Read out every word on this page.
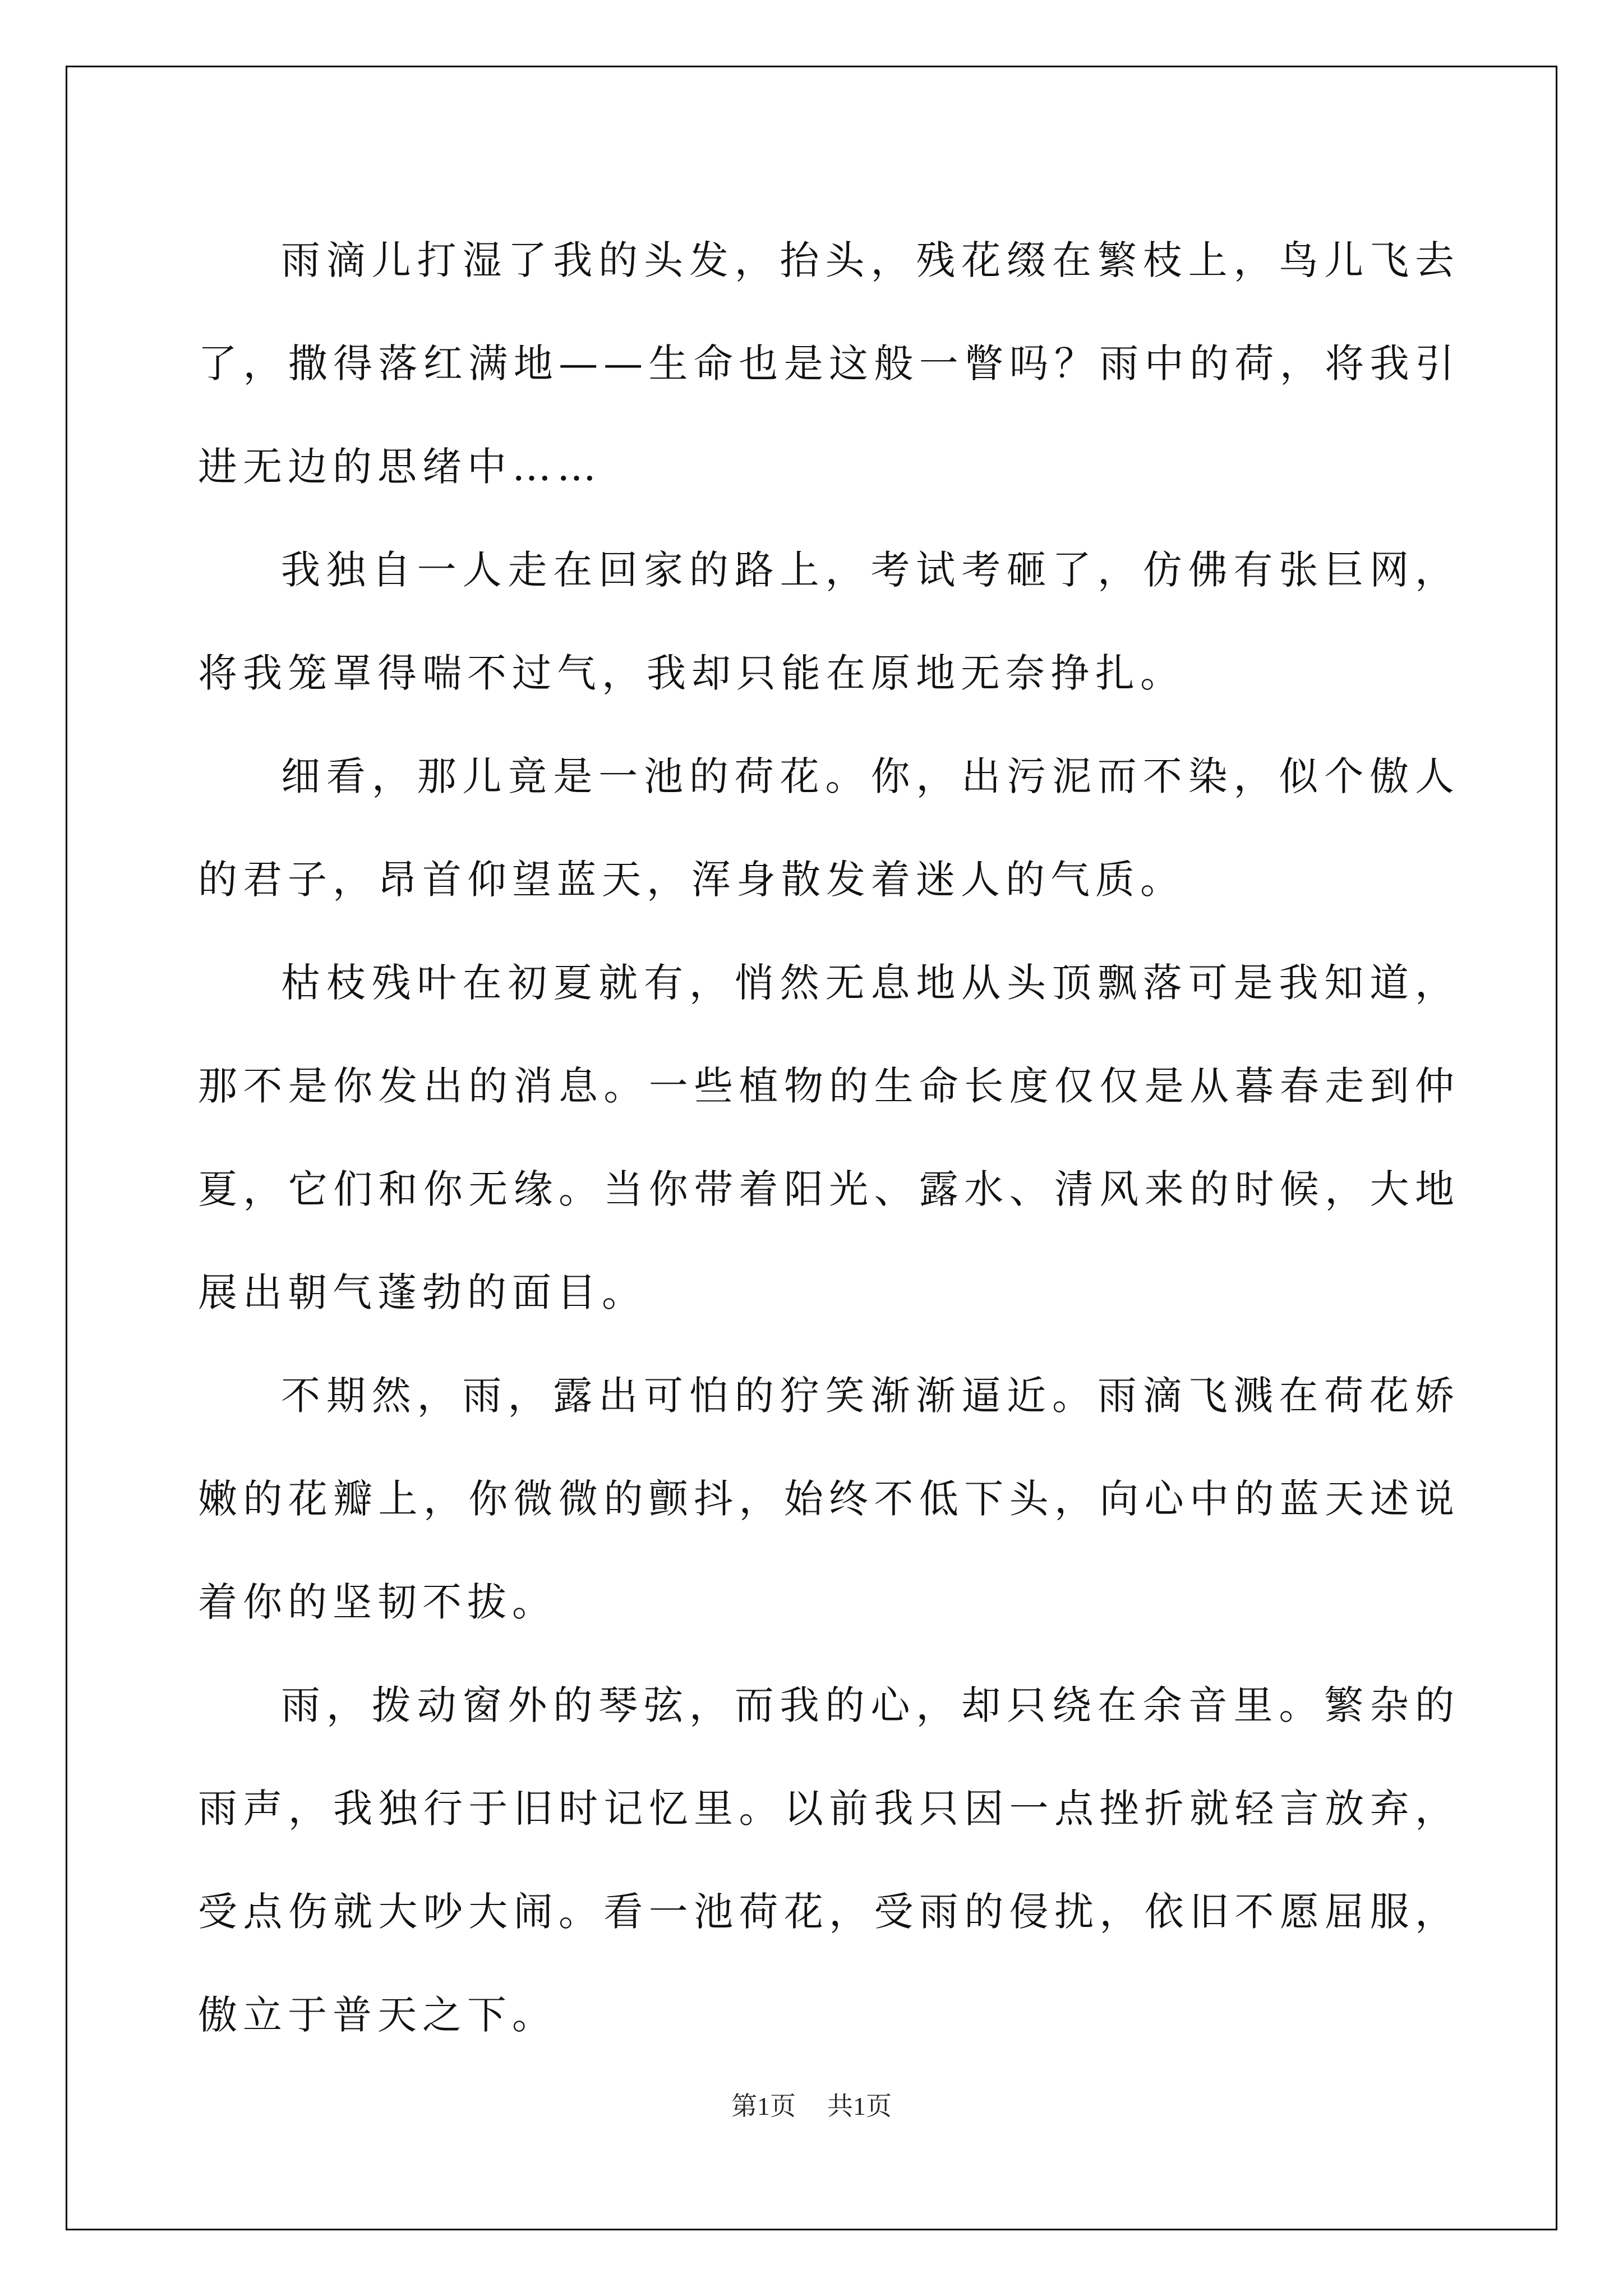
雨滴儿打湿了我的头发，抬头，残花缀在繁枝上，鸟儿飞去了，撒得落红满地——生命也是这般一瞥吗？雨中的荷，将我引进无边的思绪中……

我独自一人走在回家的路上，考试考砸了，仿佛有张巨网，将我笼罩得喘不过气，我却只能在原地无奈挣扎。

细看，那儿竟是一池的荷花。你，出污泥而不染，似个傲人的君子，昂首仰望蓝天，浑身散发着迷人的气质。

枯枝残叶在初夏就有，悄然无息地从头顶飘落可是我知道，那不是你发出的消息。一些植物的生命长度仅仅是从暮春走到仲夏，它们和你无缘。当你带着阳光、露水、清风来的时候，大地展出朝气蓬勃的面目。

不期然，雨，露出可怕的狞笑渐渐逼近。雨滴飞溅在荷花娇嫩的花瓣上，你微微的颤抖，始终不低下头，向心中的蓝天述说着你的坚韧不拔。

雨，拨动窗外的琴弦，而我的心，却只绕在余音里。繁杂的雨声，我独行于旧时记忆里。以前我只因一点挫折就轻言放弃，受点伤就大吵大闹。看一池荷花，受雨的侵扰，依旧不愿屈服，傲立于普天之下。

第1页 共1页
